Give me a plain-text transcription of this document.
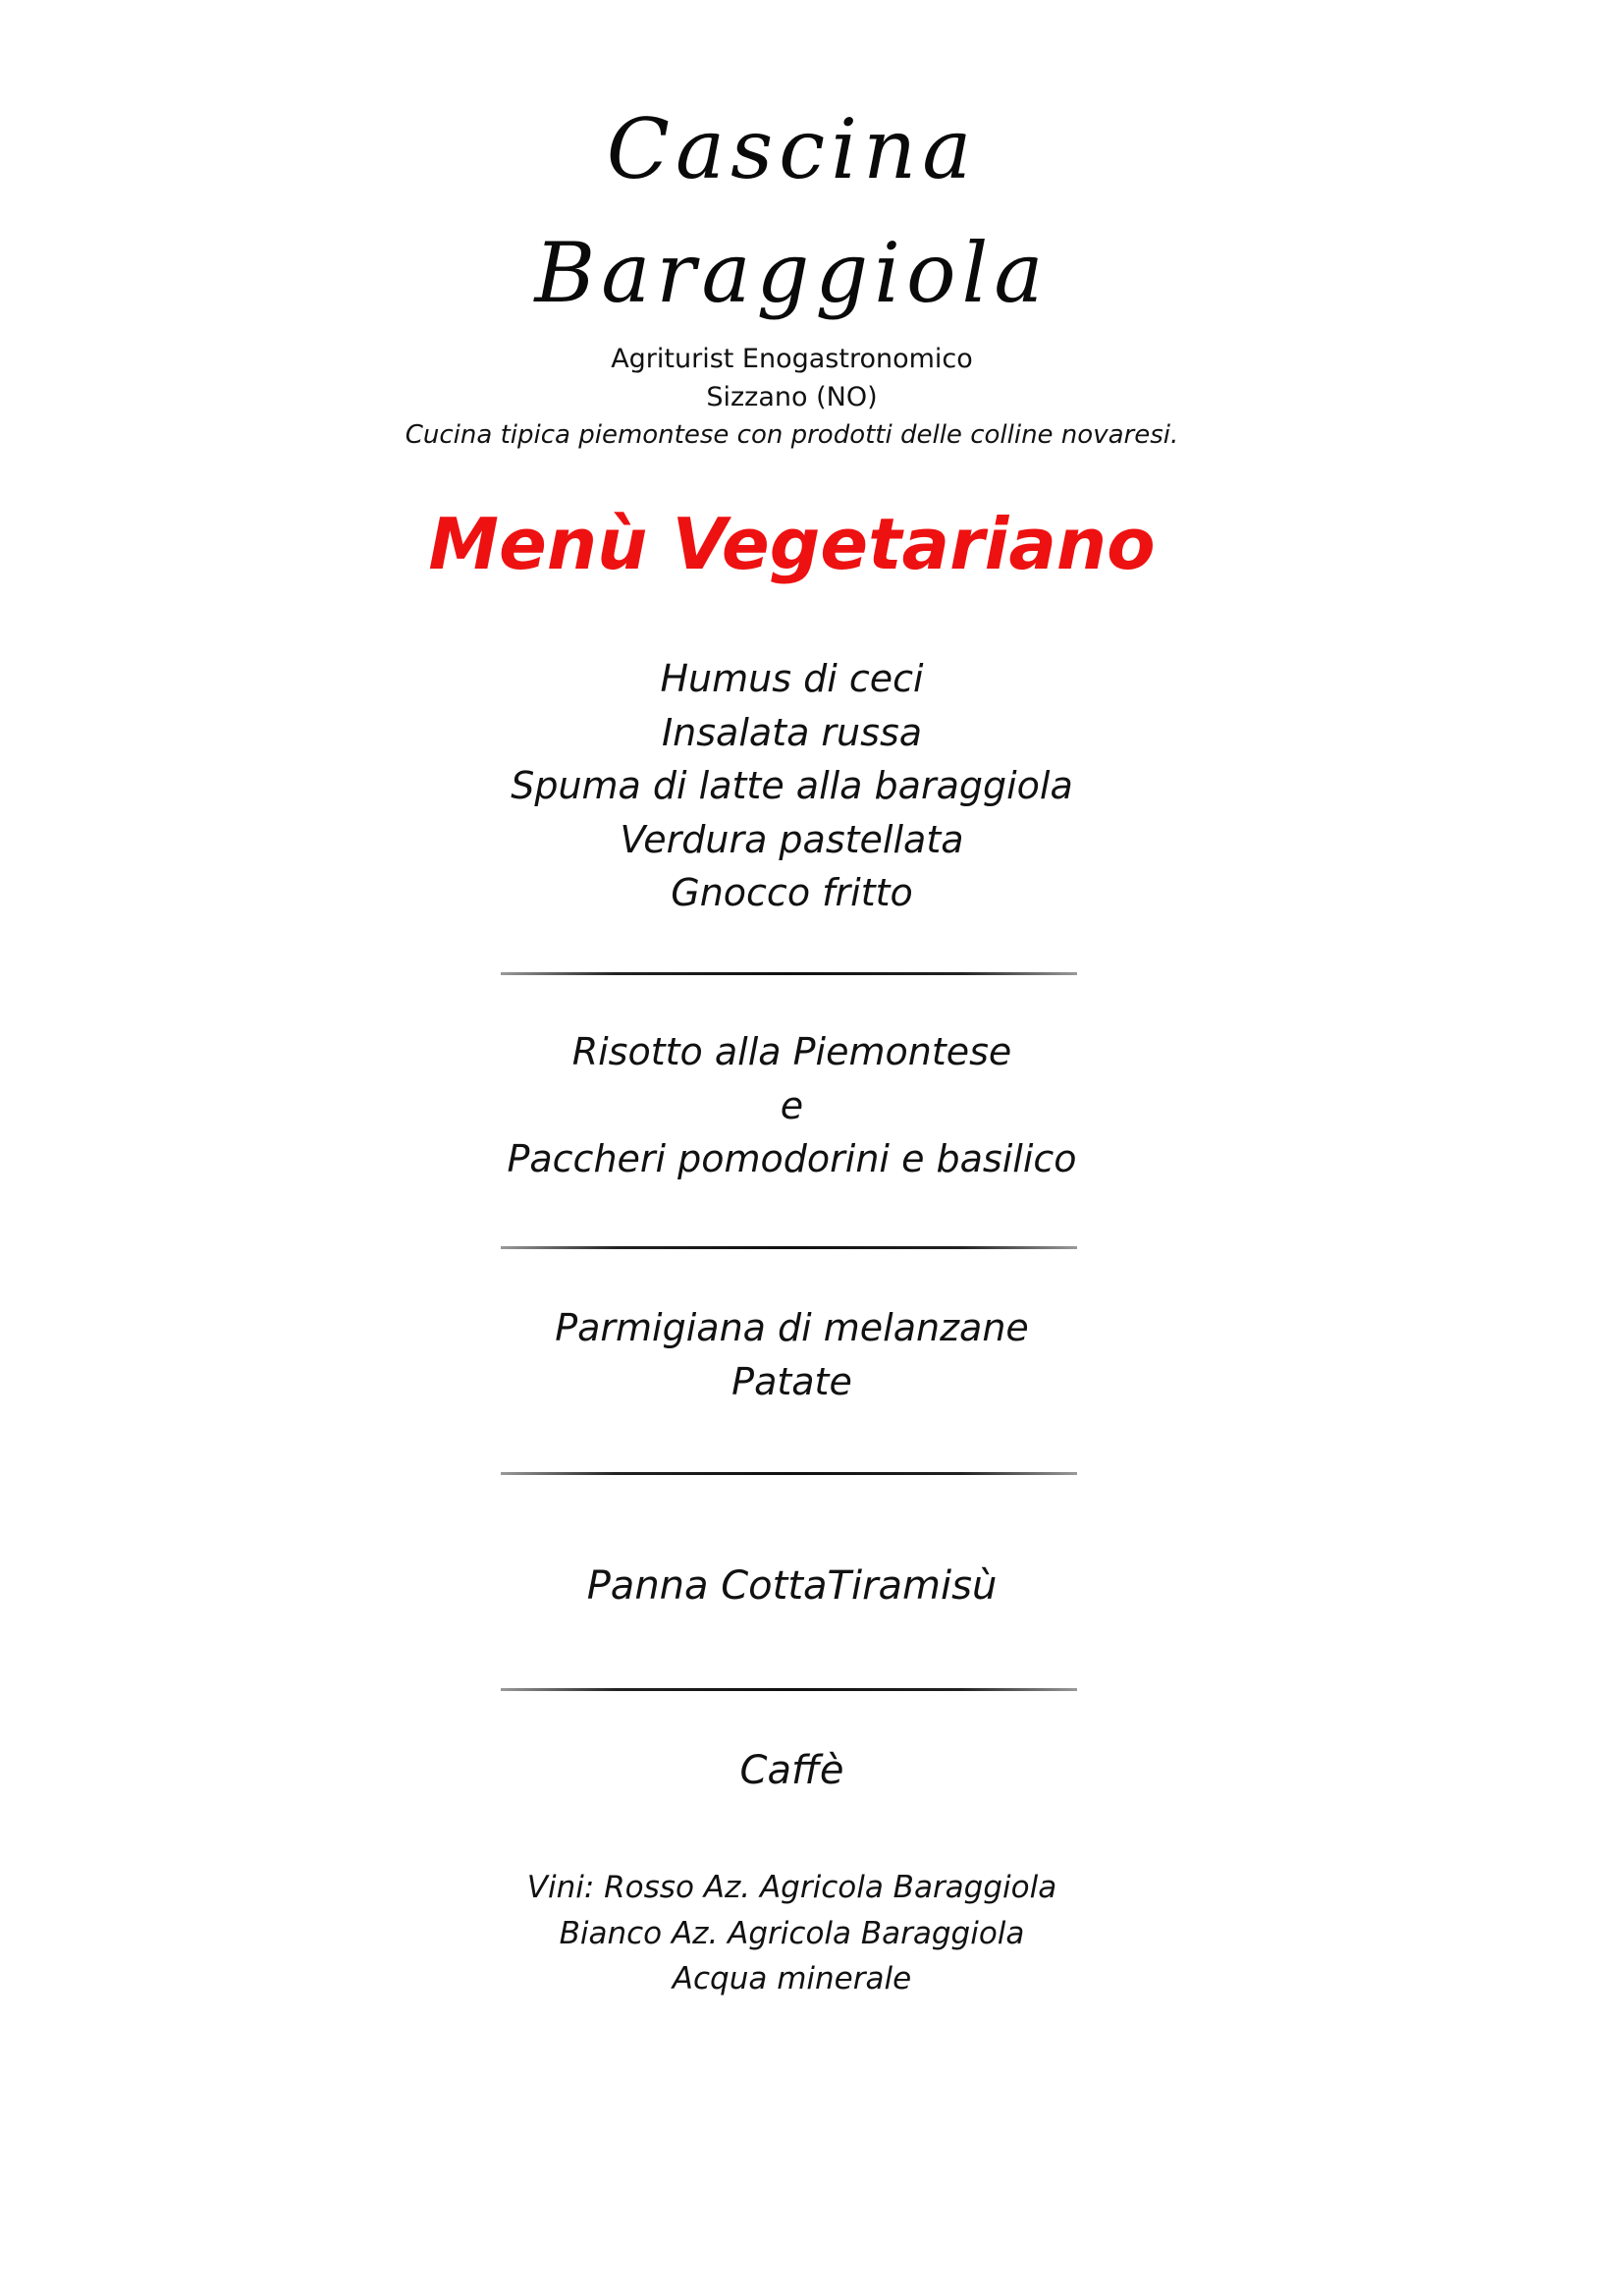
Cascina
Baraggiola
Agriturist Enogastronomico
Sizzano (NO)
Cucina tipica piemontese con prodotti delle colline novaresi.
Menù Vegetariano
Humus di ceci
Insalata russa
Spuma di latte alla baraggiola
Verdura pastellata
Gnocco fritto
Risotto alla Piemontese
e
Paccheri pomodorini e basilico
Parmigiana di melanzane
Patate
Panna CottaTiramisù
Caffè
Vini: Rosso Az. Agricola Baraggiola
Bianco Az. Agricola Baraggiola
Acqua minerale
